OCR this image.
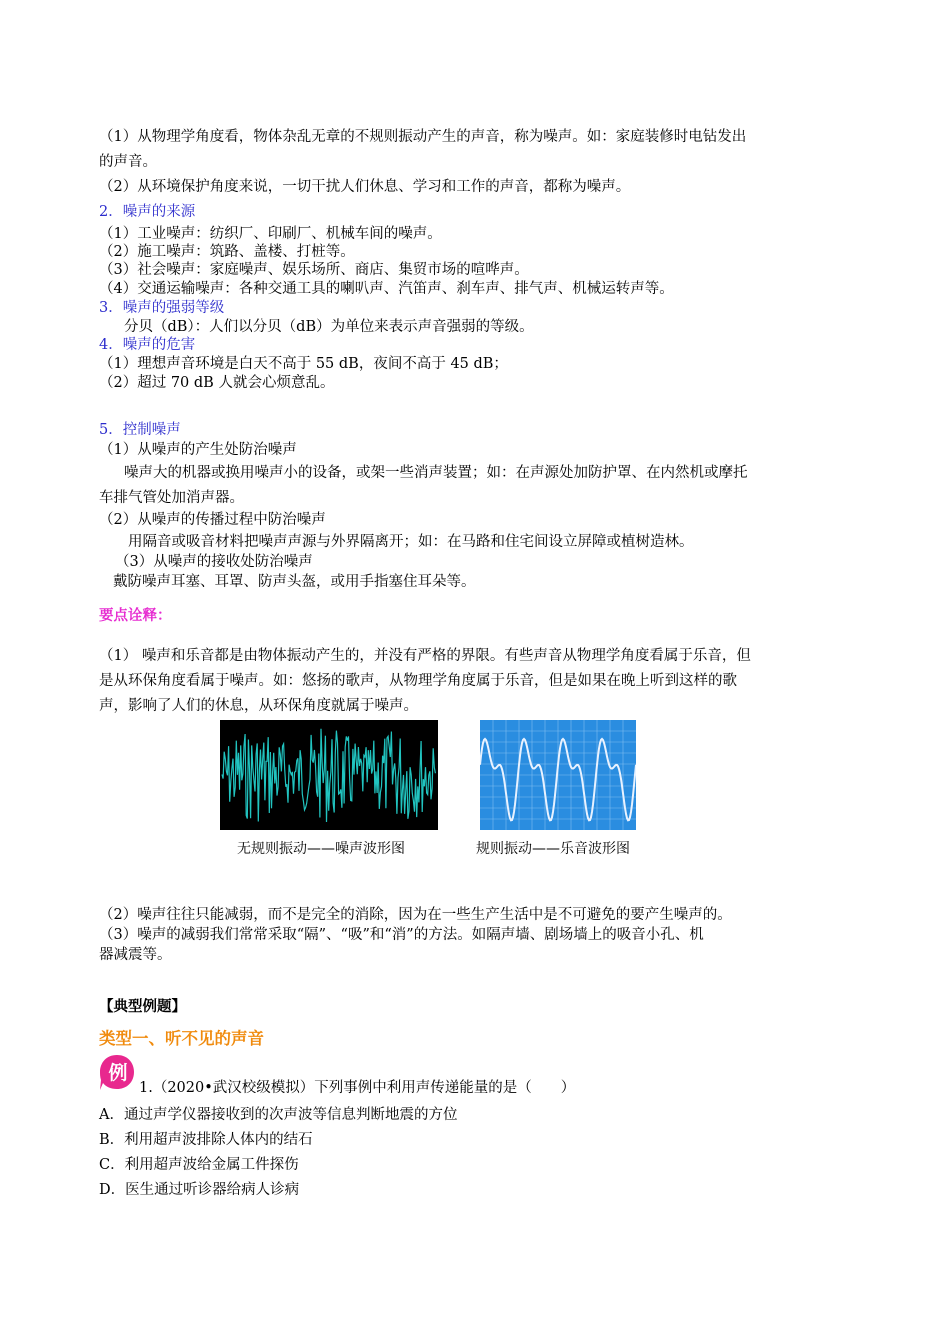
（1）从物理学角度看，物体杂乱无章的不规则振动产生的声音，称为噪声。如：家庭装修时电钻发出
的声音。
（2）从环境保护角度来说，一切干扰人们休息、学习和工作的声音，都称为噪声。
2．噪声的来源
（1）工业噪声：纺织厂、印刷厂、机械车间的噪声。
（2）施工噪声：筑路、盖楼、打桩等。
（3）社会噪声：家庭噪声、娱乐场所、商店、集贸市场的喧哗声。
（4）交通运输噪声：各种交通工具的喇叭声、汽笛声、刹车声、排气声、机械运转声等。
3．噪声的强弱等级
分贝（dB）：人们以分贝（dB）为单位来表示声音强弱的等级。
4．噪声的危害
（1）理想声音环境是白天不高于 55 dB，夜间不高于 45 dB；
（2）超过 70 dB 人就会心烦意乱。
5．控制噪声
（1）从噪声的产生处防治噪声
噪声大的机器或换用噪声小的设备，或架一些消声装置；如：在声源处加防护罩、在内然机或摩托
车排气管处加消声器。
（2）从噪声的传播过程中防治噪声
用隔音或吸音材料把噪声声源与外界隔离开；如：在马路和住宅间设立屏障或植树造林。
（3）从噪声的接收处防治噪声
戴防噪声耳塞、耳罩、防声头盔，或用手指塞住耳朵等。
要点诠释：
（1） 噪声和乐音都是由物体振动产生的，并没有严格的界限。有些声音从物理学角度看属于乐音，但
是从环保角度看属于噪声。如：悠扬的歌声，从物理学角度属于乐音，但是如果在晚上听到这样的歌
声，影响了人们的休息，从环保角度就属于噪声。
无规则振动——噪声波形图	规则振动——乐音波形图
（2）噪声往往只能减弱，而不是完全的消除，因为在一些生产生活中是不可避免的要产生噪声的。
（3）噪声的减弱我们常常采取“隔”、“吸”和“消”的方法。如隔声墙、剧场墙上的吸音小孔、机
器减震等。
【典型例题】
类型一、听不见的声音
例
1.（2020•武汉校级模拟）下列事例中利用声传递能量的是（　　）
A．通过声学仪器接收到的次声波等信息判断地震的方位
B．利用超声波排除人体内的结石
C．利用超声波给金属工件探伤
D．医生通过听诊器给病人诊病
